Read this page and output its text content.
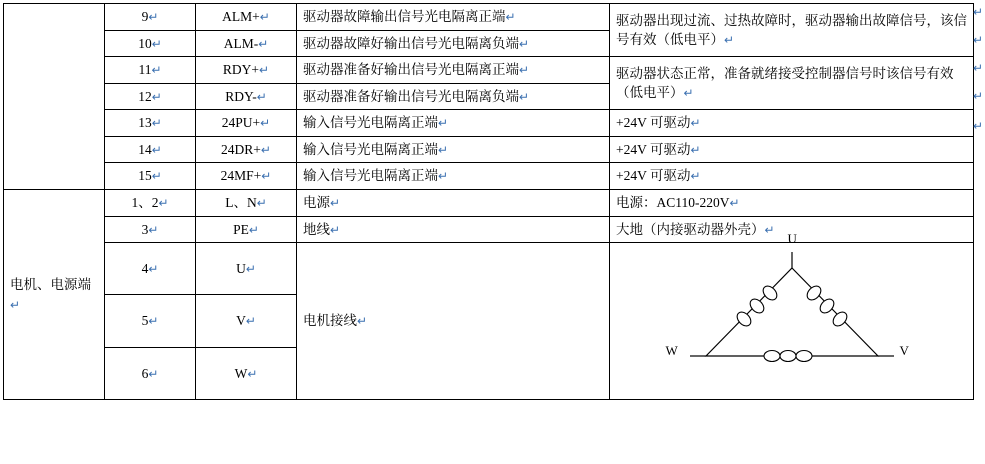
	9↵	ALM+↵	驱动器故障输出信号光电隔离正端↵	驱动器出现过流、过热故障时，驱动器输出故障信号，该信号有效（低电平）↵
	10↵	ALM-↵	驱动器故障好输出信号光电隔离负端↵	
	11↵	RDY+↵	驱动器准备好输出信号光电隔离正端↵	驱动器状态正常，准备就绪接受控制器信号时该信号有效（低电平）↵
	12↵	RDY-↵	驱动器准备好输出信号光电隔离负端↵	
	13↵	24PU+↵	输入信号光电隔离正端↵	+24V 可驱动↵
	14↵	24DR+↵	输入信号光电隔离正端↵	+24V 可驱动↵
	15↵	24MF+↵	输入信号光电隔离正端↵	+24V 可驱动↵
电机、电源端↵	1、2↵	L、N↵	电源↵	电源：AC110-220V↵
	3↵	PE↵	地线↵	大地（内接驱动器外壳）↵
	4↵	U↵	电机接线↵	U
W V

	5↵	V↵		
	6↵	W↵		
↵
↵
↵
↵
↵
